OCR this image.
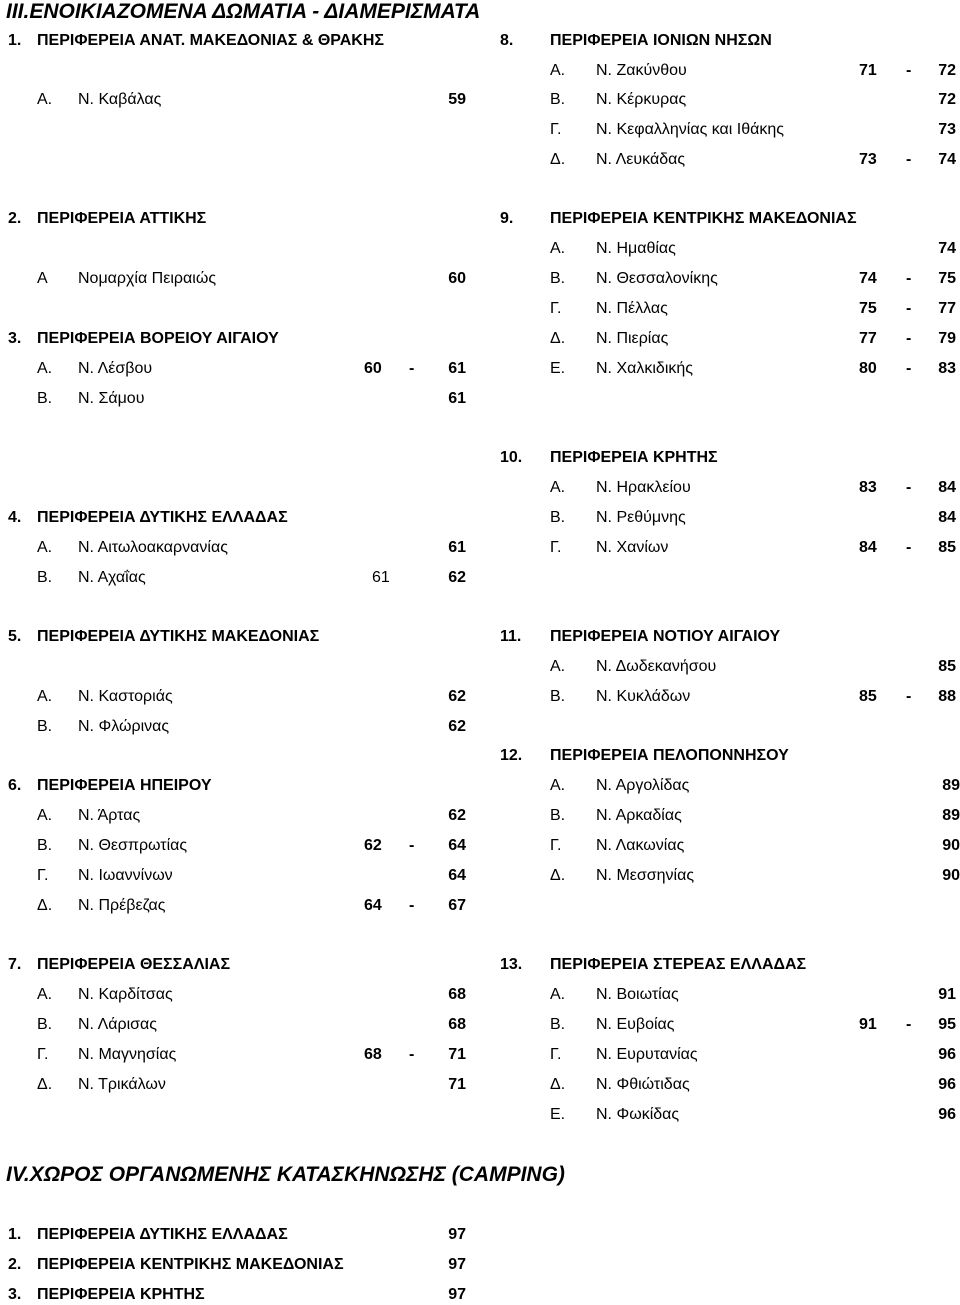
III.ΕΝΟΙΚΙΑΖΟΜΕΝΑ ΔΩΜΑΤΙΑ - ΔΙΑΜΕΡΙΣΜΑΤΑ
IV.ΧΩΡΟΣ ΟΡΓΑΝΩΜΕΝΗΣ ΚΑΤΑΣΚΗΝΩΣΗΣ (CAMPING)
1. ΠΕΡΙΦΕΡΕΙΑ ΑΝΑΤ. ΜΑΚΕΔΟΝΙΑΣ & ΘΡΑΚΗΣ
Α. Ν. Καβάλας	59
2. ΠΕΡΙΦΕΡΕΙΑ ΑΤΤΙΚΗΣ
Α Νομαρχία Πειραιώς	60
3. ΠΕΡΙΦΕΡΕΙΑ ΒΟΡΕΙΟΥ ΑΙΓΑΙΟΥ
Α. Ν. Λέσβου	60 - 61
Β. Ν. Σάμου	61
4. ΠΕΡΙΦΕΡΕΙΑ ΔΥΤΙΚΗΣ ΕΛΛΑΔΑΣ
Α. Ν. Αιτωλοακαρνανίας	61
Β. Ν. Αχαΐας	61	62
5. ΠΕΡΙΦΕΡΕΙΑ ΔΥΤΙΚΗΣ ΜΑΚΕΔΟΝΙΑΣ
Α. Ν. Καστοριάς	62
Β. Ν. Φλώρινας	62
6. ΠΕΡΙΦΕΡΕΙΑ ΗΠΕΙΡΟΥ
Α. Ν. Άρτας	62
Β. Ν. Θεσπρωτίας	62 - 64
Γ. Ν. Ιωαννίνων	64
Δ. Ν. Πρέβεζας	64 - 67
7. ΠΕΡΙΦΕΡΕΙΑ ΘΕΣΣΑΛΙΑΣ
Α. Ν. Καρδίτσας	68
Β. Ν. Λάρισας	68
Γ. Ν. Μαγνησίας	68 - 71
Δ. Ν. Τρικάλων	71
8. ΠΕΡΙΦΕΡΕΙΑ ΙΟΝΙΩΝ ΝΗΣΩΝ
Α. Ν. Ζακύνθου	71 - 72
Β. Ν. Κέρκυρας	72
Γ. Ν. Κεφαλληνίας και Ιθάκης	73
Δ. Ν. Λευκάδας	73 - 74
9. ΠΕΡΙΦΕΡΕΙΑ ΚΕΝΤΡΙΚΗΣ ΜΑΚΕΔΟΝΙΑΣ
Α. Ν. Ημαθίας	74
Β. Ν. Θεσσαλονίκης	74 - 75
Γ. Ν. Πέλλας	75 - 77
Δ. Ν. Πιερίας	77 - 79
Ε. Ν. Χαλκιδικής	80 - 83
10. ΠΕΡΙΦΕΡΕΙΑ ΚΡΗΤΗΣ
Α. Ν. Ηρακλείου	83 - 84
Β. Ν. Ρεθύμνης	84
Γ. Ν. Χανίων	84 - 85
11. ΠΕΡΙΦΕΡΕΙΑ ΝΟΤΙΟΥ ΑΙΓΑΙΟΥ
Α. Ν. Δωδεκανήσου	85
Β. Ν. Κυκλάδων	85 - 88
12. ΠΕΡΙΦΕΡΕΙΑ ΠΕΛΟΠΟΝΝΗΣΟΥ
Α. Ν. Αργολίδας	89
Β. Ν. Αρκαδίας	89
Γ. Ν. Λακωνίας	90
Δ. Ν. Μεσσηνίας	90
13. ΠΕΡΙΦΕΡΕΙΑ ΣΤΕΡΕΑΣ ΕΛΛΑΔΑΣ
Α. Ν. Βοιωτίας	91
Β. Ν. Ευβοίας	91 - 95
Γ. Ν. Ευρυτανίας	96
Δ. Ν. Φθιώτιδας	96
Ε. Ν. Φωκίδας	96
1. ΠΕΡΙΦΕΡΕΙΑ ΔΥΤΙΚΗΣ ΕΛΛΑΔΑΣ	97
2. ΠΕΡΙΦΕΡΕΙΑ ΚΕΝΤΡΙΚΗΣ ΜΑΚΕΔΟΝΙΑΣ	97
3. ΠΕΡΙΦΕΡΕΙΑ ΚΡΗΤΗΣ	97
